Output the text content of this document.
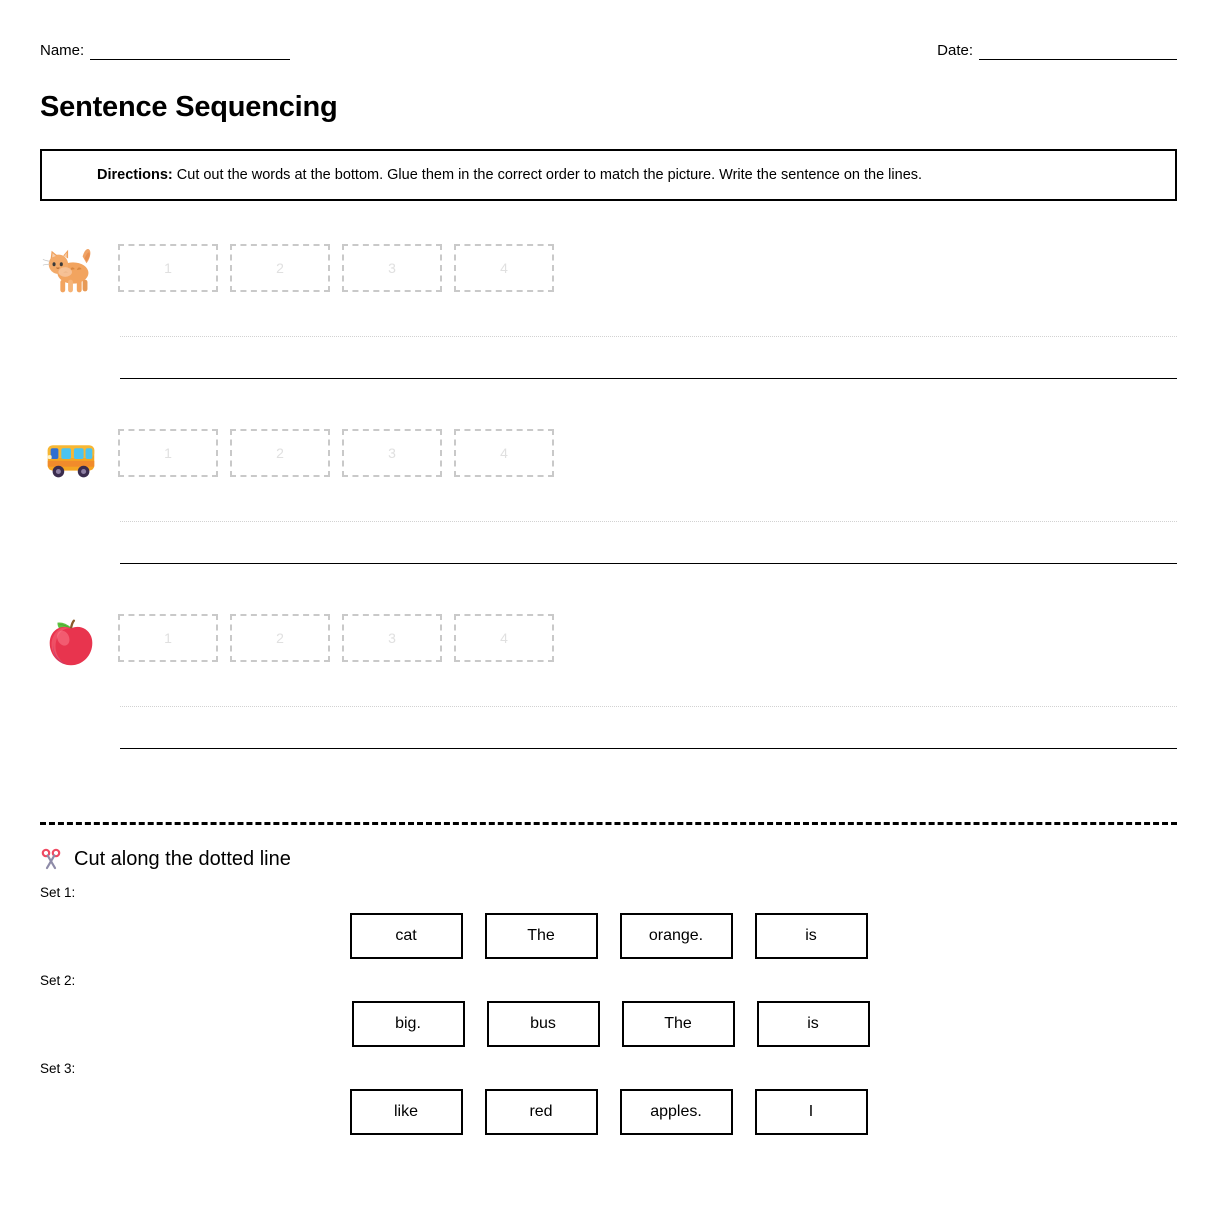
Name:	Date:
Sentence Sequencing
Directions: Cut out the words at the bottom. Glue them in the correct order to match the picture. Write the sentence on the lines.
1	2	3	4
1	2	3	4
1	2	3	4
Cut along the dotted line
Set 1:
cat	The	orange.	is
Set 2:
big.	bus	The	is
Set 3:
like	red	apples.	I
